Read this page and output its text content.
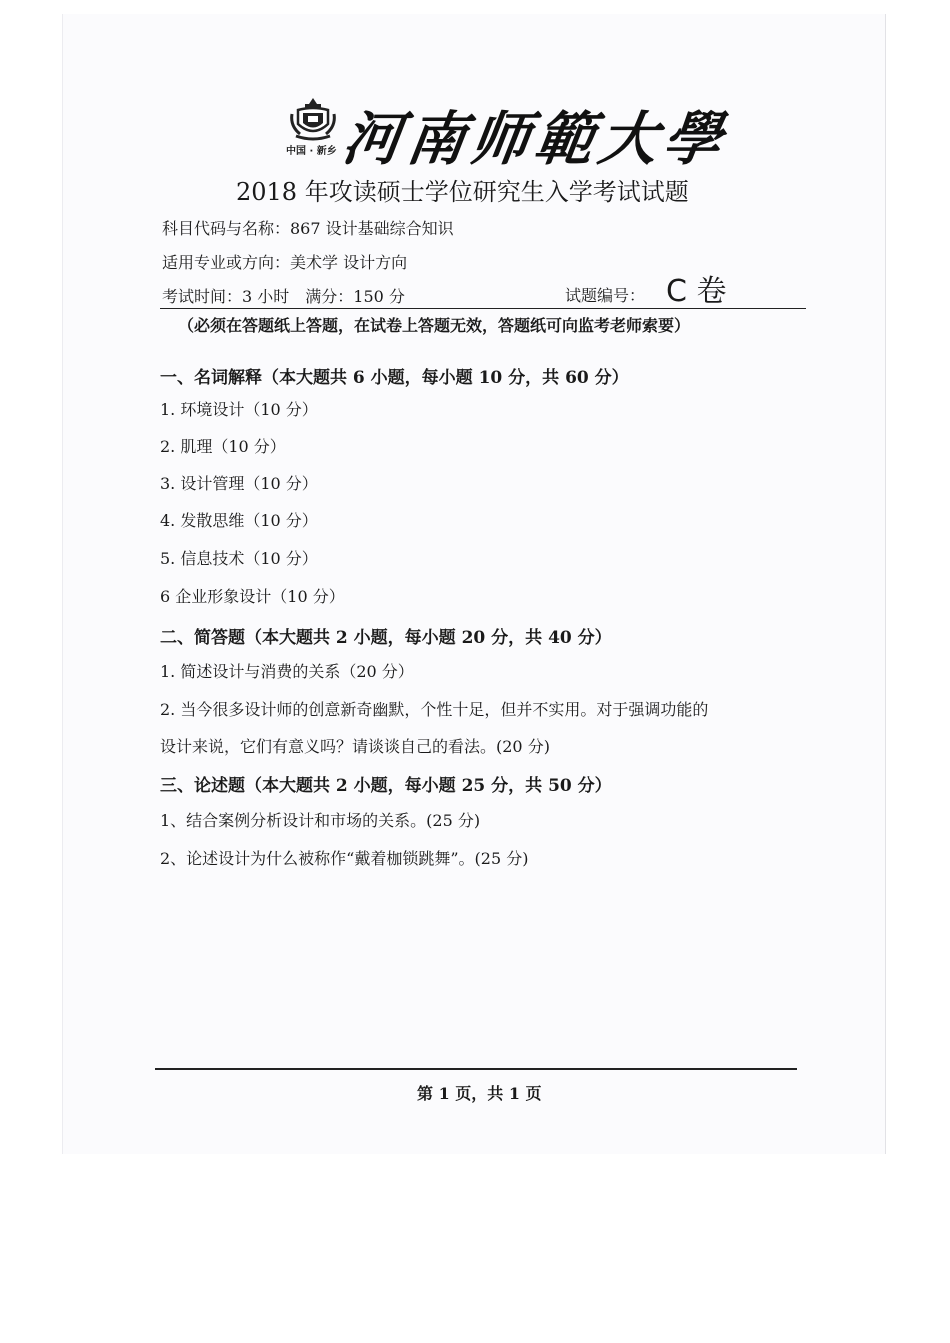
中国 · 新乡 河南师範大學
2018 年攻读硕士学位研究生入学考试试题
科目代码与名称：867 设计基础综合知识
适用专业或方向：美术学 设计方向
考试时间：3 小时　满分：150 分	试题编号： C 卷
（必须在答题纸上答题，在试卷上答题无效，答题纸可向监考老师索要）
一、名词解释（本大题共 6 小题，每小题 10 分，共 60 分）
1. 环境设计（10 分）
2. 肌理（10 分）
3. 设计管理（10 分）
4. 发散思维（10 分）
5. 信息技术（10 分）
6 企业形象设计（10 分）
二、简答题（本大题共 2 小题，每小题 20 分，共 40 分）
1. 简述设计与消费的关系（20 分）
2. 当今很多设计师的创意新奇幽默，个性十足，但并不实用。对于强调功能的
设计来说，它们有意义吗？请谈谈自己的看法。(20 分)
三、论述题（本大题共 2 小题，每小题 25 分，共 50 分）
1、结合案例分析设计和市场的关系。(25 分)
2、论述设计为什么被称作“戴着枷锁跳舞”。(25 分)
第 1 页，共 1 页
